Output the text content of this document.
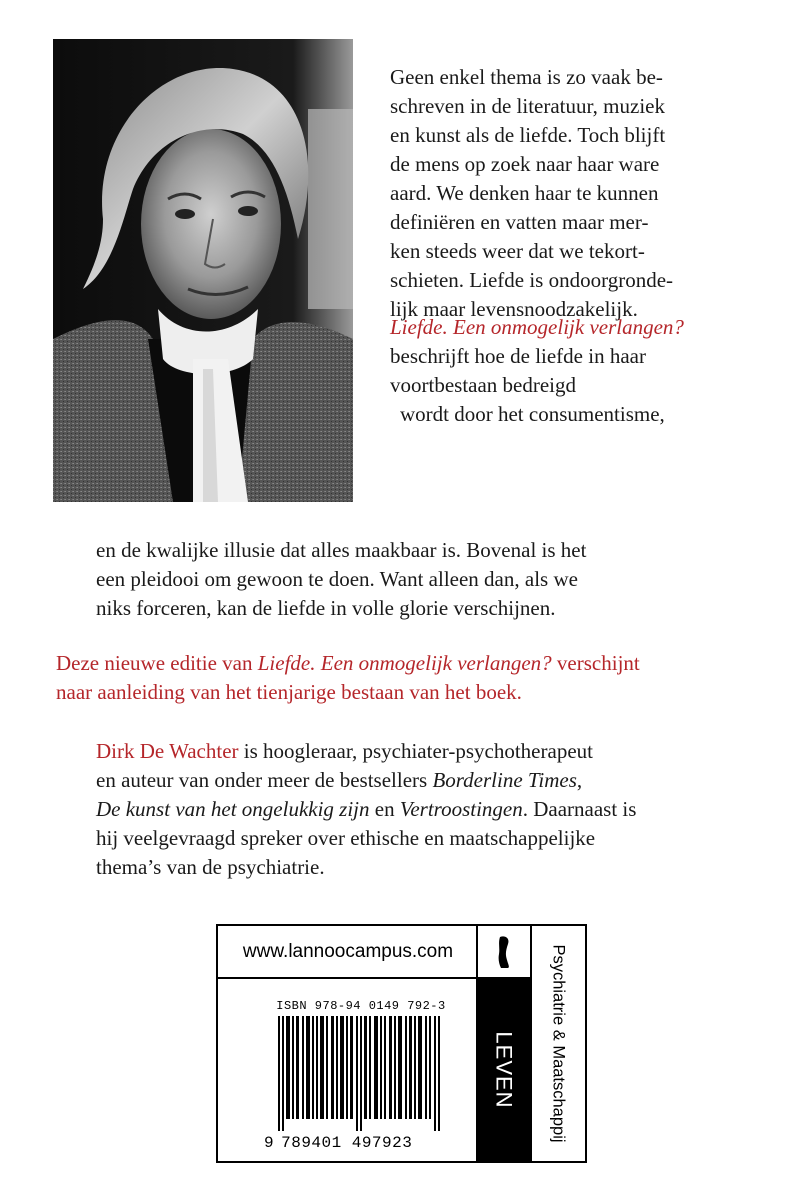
Geen enkel thema is zo vaak be-
schreven in de literatuur, muziek
en kunst als de liefde. Toch blijft
de mens op zoek naar haar ware
aard. We denken haar te kunnen
definiëren en vatten maar mer-
ken steeds weer dat we tekort-
schieten. Liefde is ondoorgronde-
lijk maar levensnoodzakelijk.
Liefde. Een onmogelijk verlangen?
beschrijft hoe de liefde in haar
voortbestaan bedreigd
wordt door het consumentisme,
en de kwalijke illusie dat alles maakbaar is. Bovenal is het
een pleidooi om gewoon te doen. Want alleen dan, als we
niks forceren, kan de liefde in volle glorie verschijnen.
Deze nieuwe editie van Liefde. Een onmogelijk verlangen? verschijnt
naar aanleiding van het tienjarige bestaan van het boek.
Dirk De Wachter is hoogleraar, psychiater-psychotherapeut
en auteur van onder meer de bestsellers Borderline Times,
De kunst van het ongelukkig zijn en Vertroostingen. Daarnaast is
hij veelgevraagd spreker over ethische en maatschappelijke
thema’s van de psychiatrie.
www.lannoocampus.com
ISBN 978-94 0149 792-3
9 789401 497923
LEVEN Psychiatrie & Maatschappij
